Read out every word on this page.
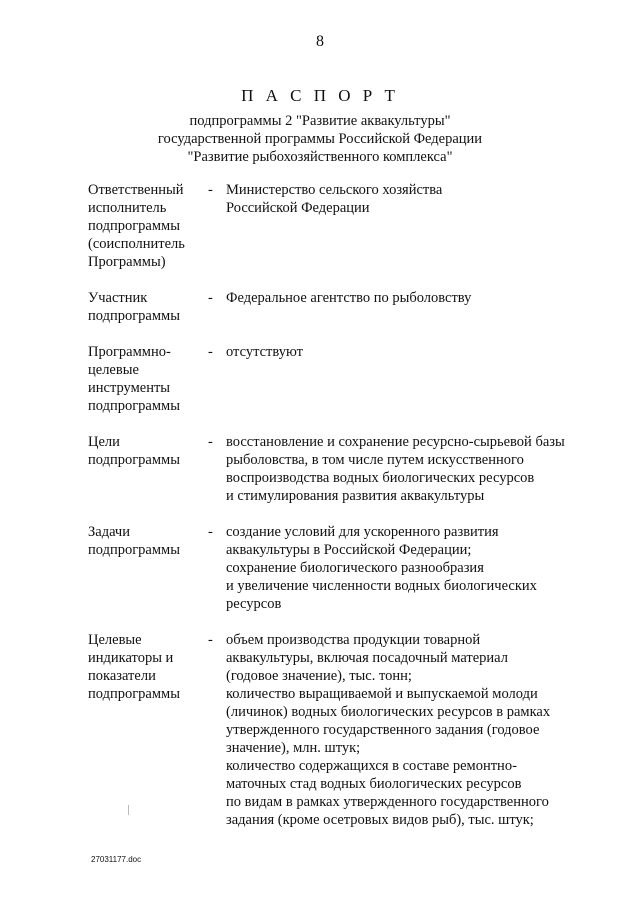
8
П А С П О Р Т
подпрограммы 2 "Развитие аквакультуры"
государственной программы Российской Федерации
"Развитие рыбохозяйственного комплекса"
Ответственный
исполнитель
подпрограммы
(соисполнитель
Программы)
- Министерство сельского хозяйства
Российской Федерации
Участник
подпрограммы
- Федеральное агентство по рыболовству
Программно-
целевые
инструменты
подпрограммы
- отсутствуют
Цели
подпрограммы
- восстановление и сохранение ресурсно-сырьевой базы
рыболовства, в том числе путем искусственного
воспроизводства водных биологических ресурсов
и стимулирования развития аквакультуры
Задачи
подпрограммы
- создание условий для ускоренного развития
аквакультуры в Российской Федерации;
сохранение биологического разнообразия
и увеличение численности водных биологических
ресурсов
Целевые
индикаторы и
показатели
подпрограммы
- объем производства продукции товарной
аквакультуры, включая посадочный материал
(годовое значение), тыс. тонн;
количество выращиваемой и выпускаемой молоди
(личинок) водных биологических ресурсов в рамках
утвержденного государственного задания (годовое
значение), млн. штук;
количество содержащихся в составе ремонтно-
маточных стад водных биологических ресурсов
по видам в рамках утвержденного государственного
задания (кроме осетровых видов рыб), тыс. штук;
27031177.doc
